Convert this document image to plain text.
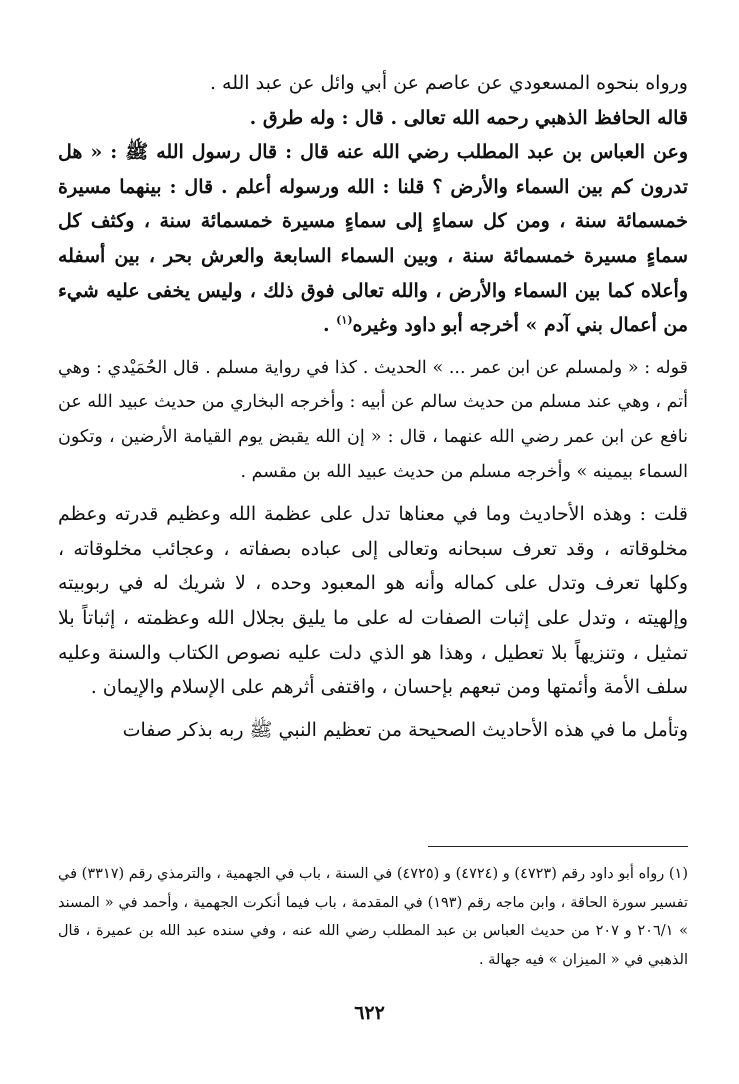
ورواه بنحوه المسعودي عن عاصم عن أبي وائل عن عبد الله .

قاله الحافظ الذهبي رحمه الله تعالى . قال : وله طرق .

وعن العباس بن عبد المطلب رضي الله عنه قال : قال رسول الله ﷺ : « هل تدرون كم بين السماء والأرض ؟ قلنا : الله ورسوله أعلم . قال : بينهما مسيرة خمسمائة سنة ، ومن كل سماءٍ إلى سماءٍ مسيرة خمسمائة سنة ، وكثف كل سماءٍ مسيرة خمسمائة سنة ، وبين السماء السابعة والعرش بحر ، بين أسفله وأعلاه كما بين السماء والأرض ، والله تعالى فوق ذلك ، وليس يخفى عليه شيء من أعمال بني آدم » أخرجه أبو داود وغيره$^{(١)}$ .

قوله : « ولمسلم عن ابن عمر ... » الحديث . كذا في رواية مسلم . قال الحُمَيْدي : وهي أتم ، وهي عند مسلم من حديث سالم عن أبيه : وأخرجه البخاري من حديث عبيد الله عن نافع عن ابن عمر رضي الله عنهما ، قال : « إن الله يقبض يوم القيامة الأرضين ، وتكون السماء بيمينه » وأخرجه مسلم من حديث عبيد الله بن مقسم .

قلت : وهذه الأحاديث وما في معناها تدل على عظمة الله وعظيم قدرته وعظم مخلوقاته ، وقد تعرف سبحانه وتعالى إلى عباده بصفاته ، وعجائب مخلوقاته ، وكلها تعرف وتدل على كماله وأنه هو المعبود وحده ، لا شريك له في ربوبيته وإلهيته ، وتدل على إثبات الصفات له على ما يليق بجلال الله وعظمته ، إثباتاً بلا تمثيل ، وتنزيهاً بلا تعطيل ، وهذا هو الذي دلت عليه نصوص الكتاب والسنة وعليه سلف الأمة وأئمتها ومن تبعهم بإحسان ، واقتفى أثرهم على الإسلام والإيمان .

وتأمل ما في هذه الأحاديث الصحيحة من تعظيم النبي ﷺ ربه بذكر صفات

(١) رواه أبو داود رقم (٤٧٢٣) و (٤٧٢٤) و (٤٧٢٥) في السنة ، باب في الجهمية ، والترمذي رقم (٣٣١٧) في تفسير سورة الحاقة ، وابن ماجه رقم (١٩٣) في المقدمة ، باب فيما أنكرت الجهمية ، وأحمد في « المسند » ٢٠٦/١ و ٢٠٧ من حديث العباس بن عبد المطلب رضي الله عنه ، وفي سنده عبد الله بن عميرة ، قال الذهبي في « الميزان » فيه جهالة .

٦٢٢
